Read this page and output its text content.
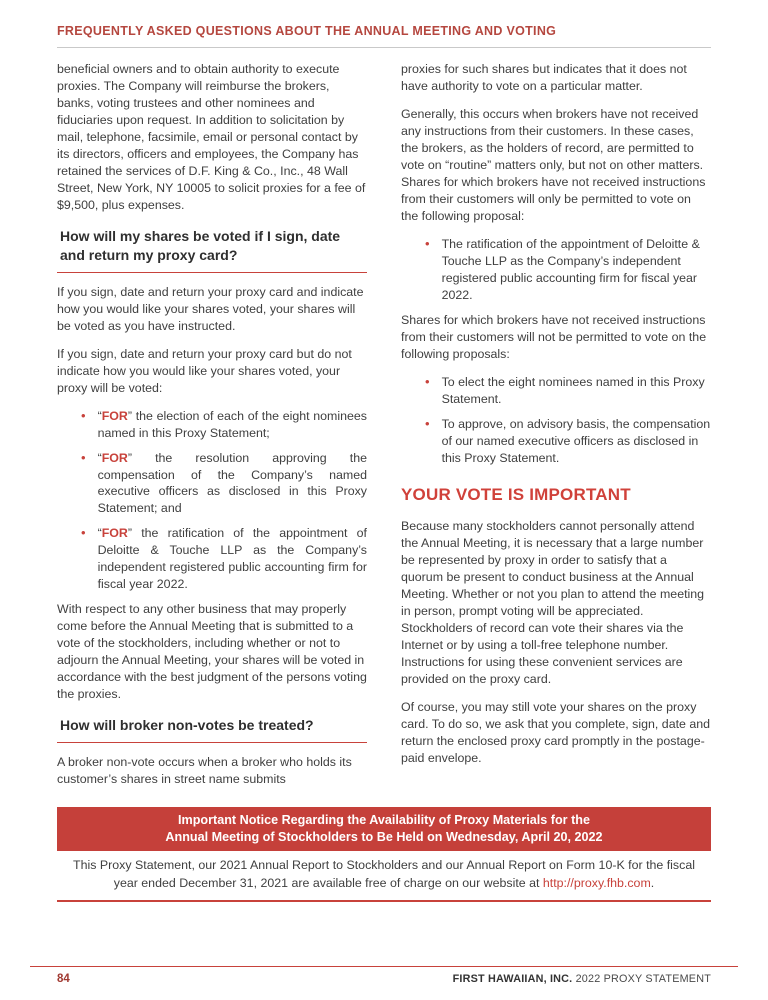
FREQUENTLY ASKED QUESTIONS ABOUT THE ANNUAL MEETING AND VOTING

beneficial owners and to obtain authority to execute proxies. The Company will reimburse the brokers, banks, voting trustees and other nominees and fiduciaries upon request. In addition to solicitation by mail, telephone, facsimile, email or personal contact by its directors, officers and employees, the Company has retained the services of D.F. King & Co., Inc., 48 Wall Street, New York, NY 10005 to solicit proxies for a fee of $9,500, plus expenses.

How will my shares be voted if I sign, date and return my proxy card?

If you sign, date and return your proxy card and indicate how you would like your shares voted, your shares will be voted as you have instructed.

If you sign, date and return your proxy card but do not indicate how you would like your shares voted, your proxy will be voted:

• “FOR” the election of each of the eight nominees named in this Proxy Statement;
• “FOR” the resolution approving the compensation of the Company’s named executive officers as disclosed in this Proxy Statement; and
• “FOR” the ratification of the appointment of Deloitte & Touche LLP as the Company’s independent registered public accounting firm for fiscal year 2022.

With respect to any other business that may properly come before the Annual Meeting that is submitted to a vote of the stockholders, including whether or not to adjourn the Annual Meeting, your shares will be voted in accordance with the best judgment of the persons voting the proxies.

How will broker non-votes be treated?

A broker non-vote occurs when a broker who holds its customer’s shares in street name submits

proxies for such shares but indicates that it does not have authority to vote on a particular matter.

Generally, this occurs when brokers have not received any instructions from their customers. In these cases, the brokers, as the holders of record, are permitted to vote on “routine” matters only, but not on other matters. Shares for which brokers have not received instructions from their customers will only be permitted to vote on the following proposal:

• The ratification of the appointment of Deloitte & Touche LLP as the Company’s independent registered public accounting firm for fiscal year 2022.

Shares for which brokers have not received instructions from their customers will not be permitted to vote on the following proposals:

• To elect the eight nominees named in this Proxy Statement.
• To approve, on advisory basis, the compensation of our named executive officers as disclosed in this Proxy Statement.
YOUR VOTE IS IMPORTANT

Because many stockholders cannot personally attend the Annual Meeting, it is necessary that a large number be represented by proxy in order to satisfy that a quorum be present to conduct business at the Annual Meeting. Whether or not you plan to attend the meeting in person, prompt voting will be appreciated. Stockholders of record can vote their shares via the Internet or by using a toll-free telephone number. Instructions for using these convenient services are provided on the proxy card.

Of course, you may still vote your shares on the proxy card. To do so, we ask that you complete, sign, date and return the enclosed proxy card promptly in the postage-paid envelope.

Important Notice Regarding the Availability of Proxy Materials for the
Annual Meeting of Stockholders to Be Held on Wednesday, April 20, 2022

This Proxy Statement, our 2021 Annual Report to Stockholders and our Annual Report on Form 10-K for the fiscal year ended December 31, 2021 are available free of charge on our website at http://proxy.fhb.com.

84	FIRST HAWAIIAN, INC. 2022 PROXY STATEMENT
